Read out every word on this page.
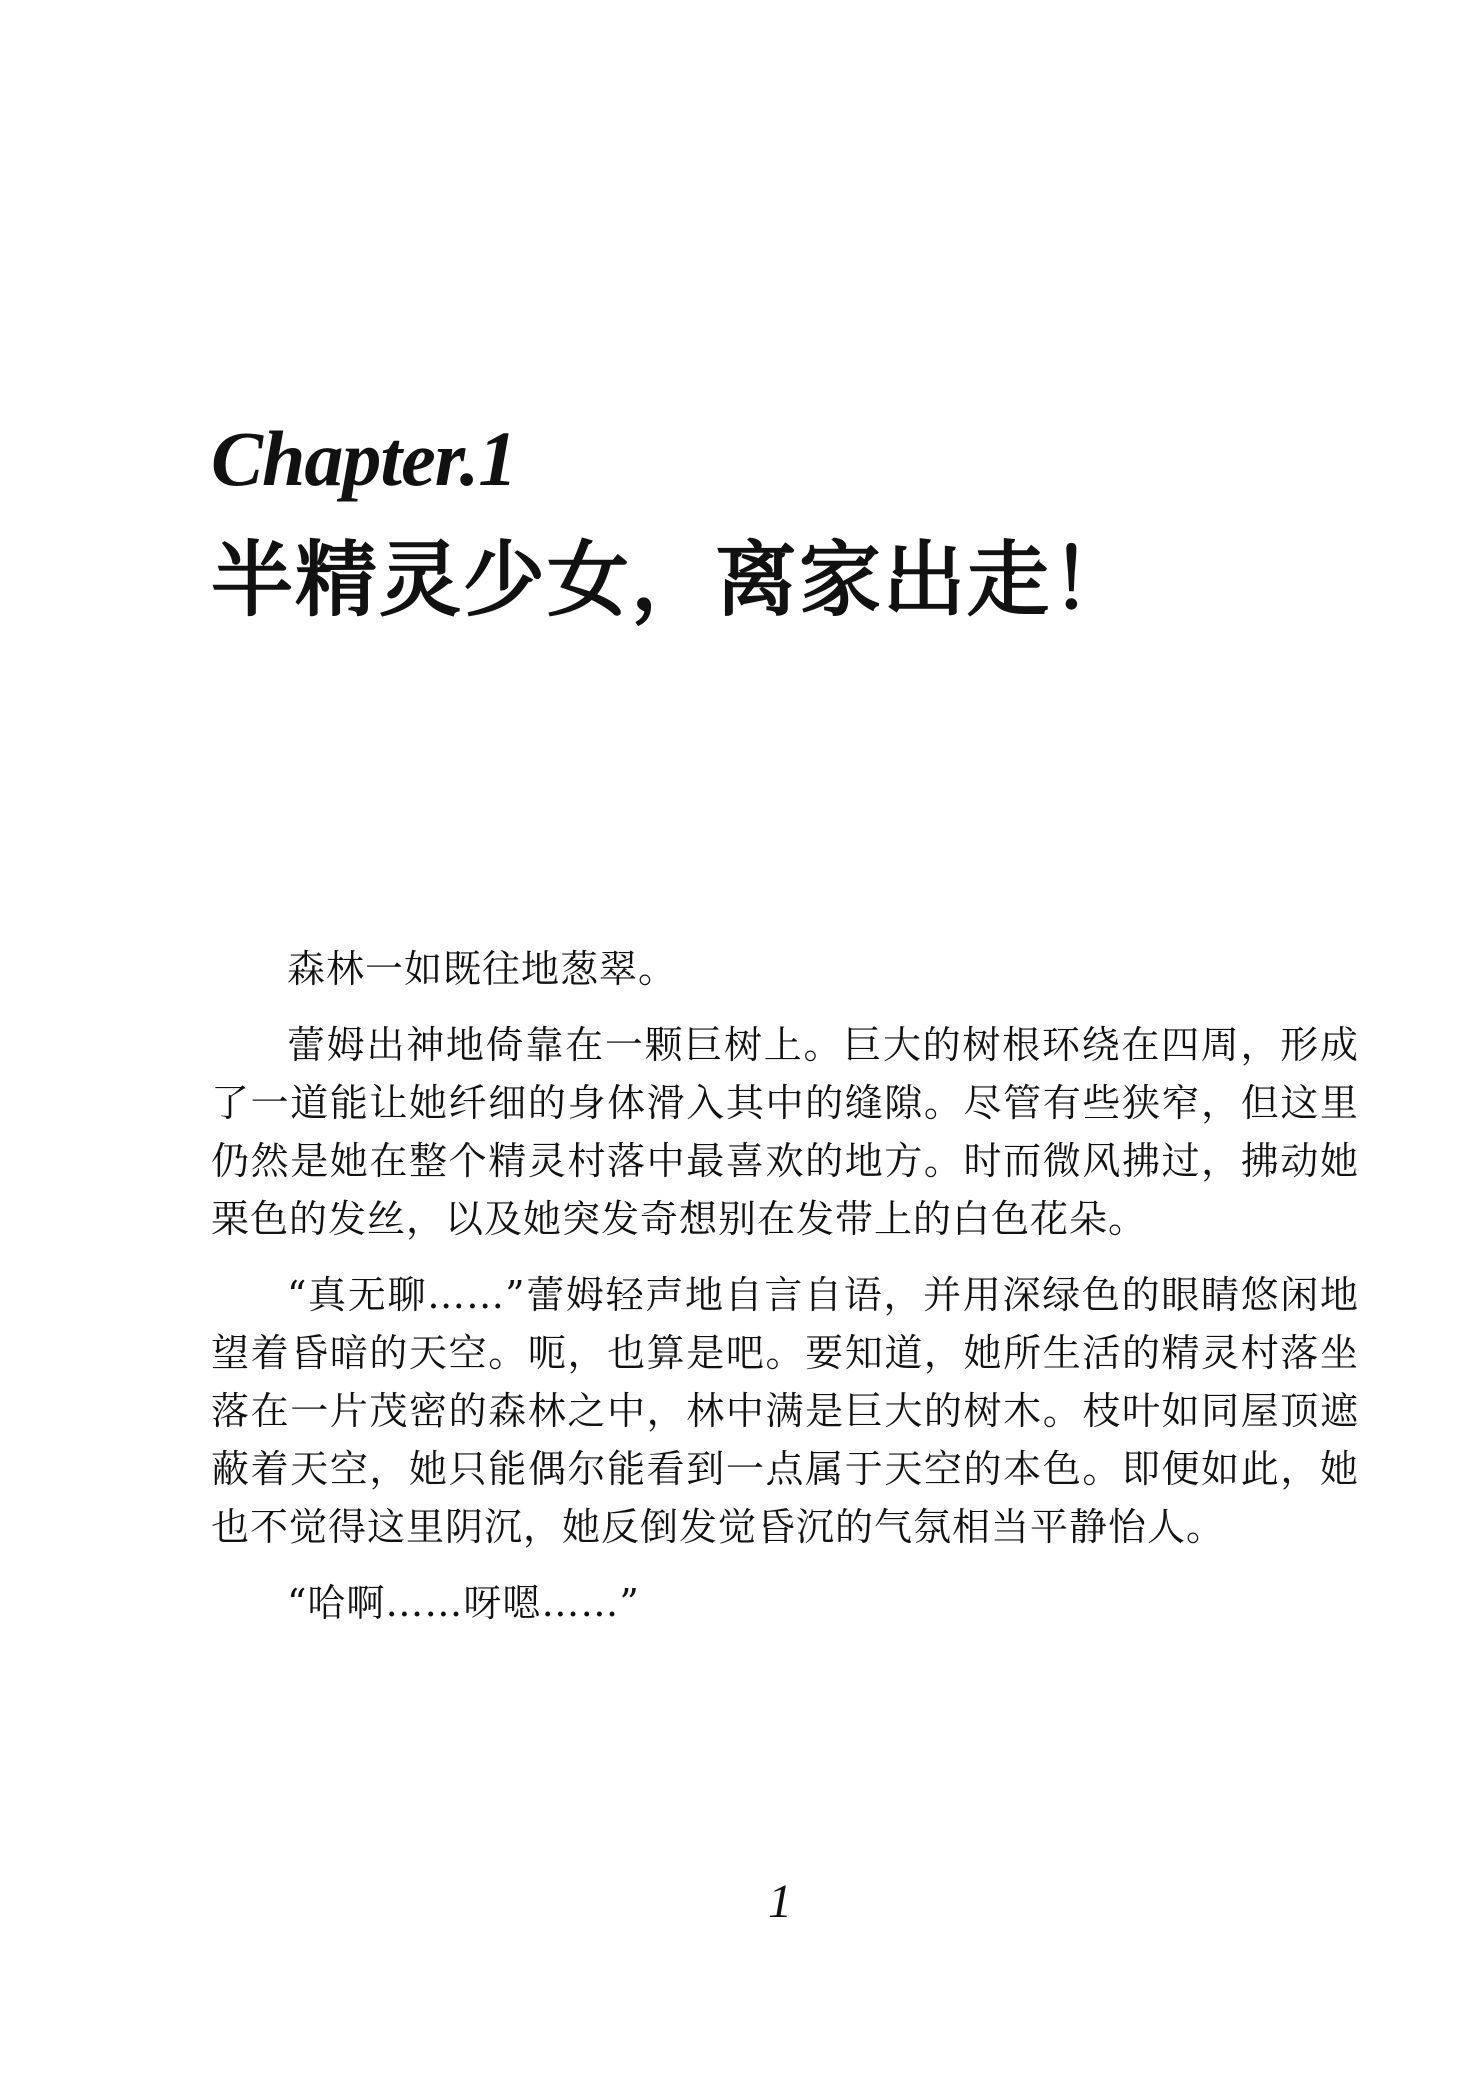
Chapter.1
半精灵少女，离家出走！

森林一如既往地葱翠。

蕾姆出神地倚靠在一颗巨树上。巨大的树根环绕在四周，形成了一道能让她纤细的身体滑入其中的缝隙。尽管有些狭窄，但这里仍然是她在整个精灵村落中最喜欢的地方。时而微风拂过，拂动她栗色的发丝，以及她突发奇想别在发带上的白色花朵。

“真无聊……”蕾姆轻声地自言自语，并用深绿色的眼睛悠闲地望着昏暗的天空。呃，也算是吧。要知道，她所生活的精灵村落坐落在一片茂密的森林之中，林中满是巨大的树木。枝叶如同屋顶遮蔽着天空，她只能偶尔能看到一点属于天空的本色。即便如此，她也不觉得这里阴沉，她反倒发觉昏沉的气氛相当平静怡人。

“哈啊……呀嗯……”

1
